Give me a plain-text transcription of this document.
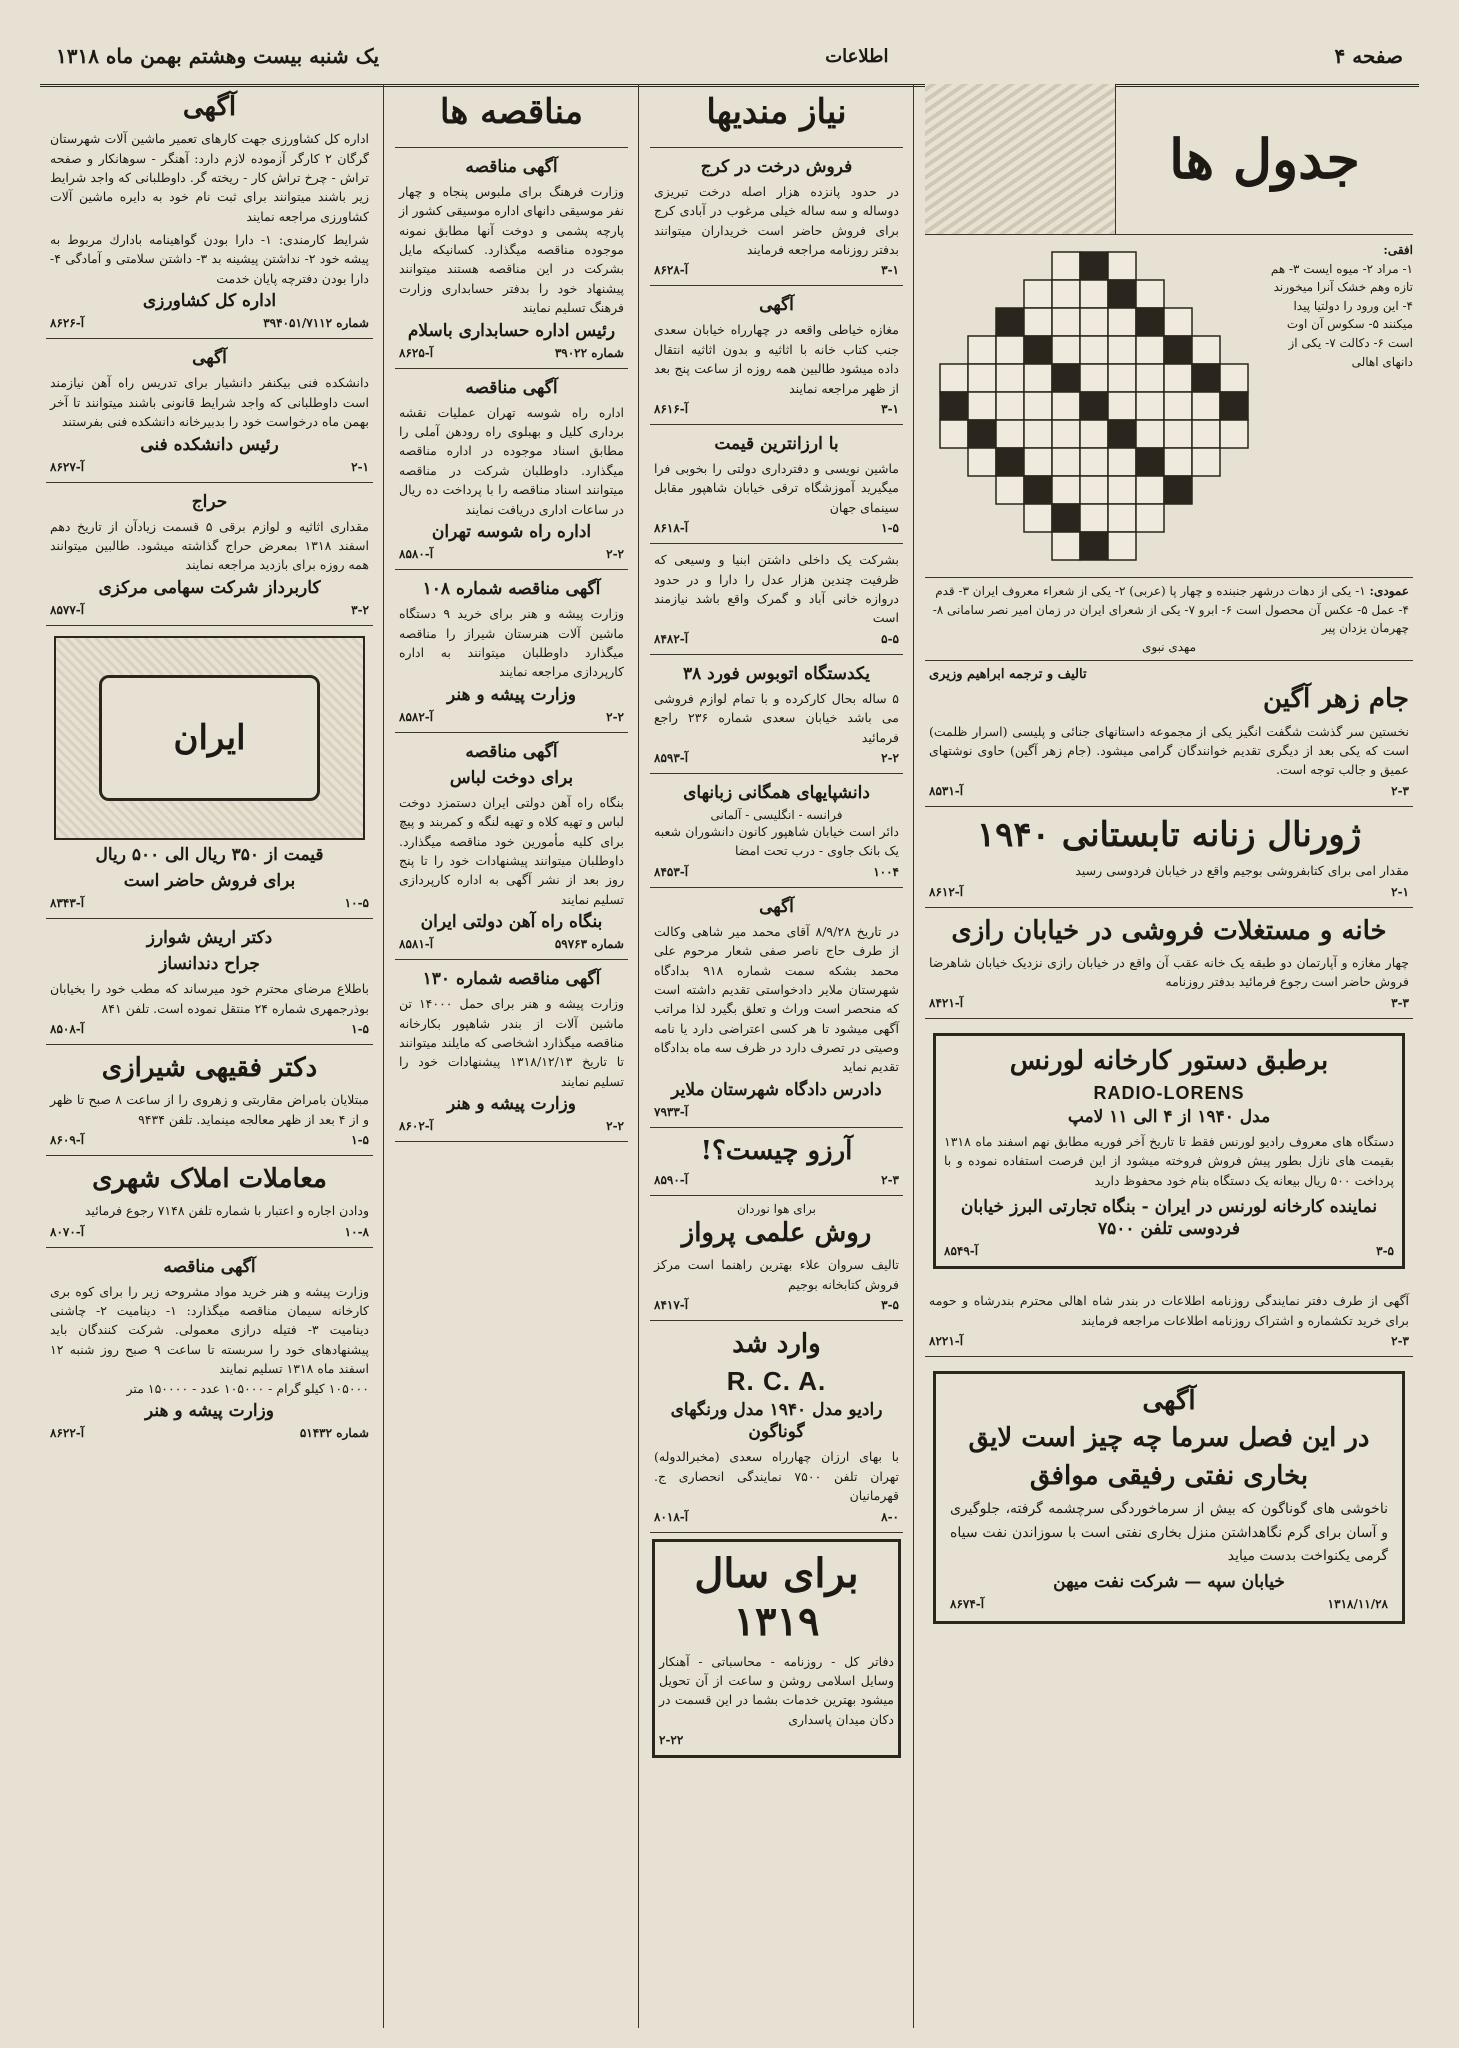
صفحه ۴
اطلاعات
یک شنبه بیست وهشتم بهمن ماه ۱۳۱۸
جدول ها
افقی:
۱- مراد ۲- میوه ایست ۳- هم تازه وهم خشک آنرا میخورند ۴- این ورود را دولتیا پیدا میکنند ۵- سکوس آن اوت است ۶- دکالت ۷- یکی از دانهای اهالی
عمودی: ۱- یکی از دهات درشهر جنبنده و چهار پا (عربی) ۲- یکی از شعراء معروف ایران ۳- قدم ۴- عمل ۵- عکس آن محصول است ۶- ابرو ۷- یکی از شعرای ایران در زمان امیر نصر سامانی ۸- چهرمان یزدان پیر
مهدی نبوی
تالیف و ترجمه ابراهیم وزیری
جام زهر آگین

نخستین سر گذشت شگفت انگیز یکی از مجموعه داستانهای جنائی و پلیسی (اسرار ظلمت) است که یکی بعد از دیگری تقدیم خوانندگان گرامی میشود. (جام زهر آگین) حاوی نوشتهای عمیق و جالب توجه است.

آ-۸۵۳۱	۲-۳
ژورنال زنانه تابستانی ۱۹۴۰

مقدار امی برای کتابفروشی بوجیم واقع در خیابان فردوسی رسید

آ-۸۶۱۲	۲-۱
خانه و مستغلات فروشی در خیابان رازی

چهار مغازه و آپارتمان دو طبقه یک خانه عقب آن واقع در خیابان رازی نزدیک خیابان شاهرضا فروش حاضر است رجوع فرمائید بدفتر روزنامه

آ-۸۴۲۱	۳-۳
برطبق دستور کارخانه لورنس
RADIO-LORENS
مدل ۱۹۴۰ از ۴ الی ۱۱ لامپ

دستگاه های معروف رادیو لورنس فقط تا تاریخ آخر فوریه مطابق نهم اسفند ماه ۱۳۱۸ بقیمت های نازل بطور پیش فروش فروخته میشود از این فرصت استفاده نموده و با پرداخت ۵۰۰ ریال بیعانه یک دستگاه بنام خود محفوظ دارید

نماینده کارخانه لورنس در ایران - بنگاه تجارتی البرز خیابان فردوسی تلفن ۷۵۰۰
آ-۸۵۴۹	۳-۵

آگهی از طرف دفتر نمایندگی روزنامه اطلاعات در بندر شاه اهالی محترم بندرشاه و حومه برای خرید تکشماره و اشتراک روزنامه اطلاعات مراجعه فرمایند

آ-۸۲۲۱	۲-۳
آگهی
در این فصل سرما چه چیز است لایق
بخاری نفتی رفیقی موافق

ناخوشی های گوناگون که بیش از سرماخوردگی سرچشمه گرفته، جلوگیری و آسان برای گرم نگاهداشتن منزل بخاری نفتی است با سوزاندن نفت سیاه گرمی یکنواخت بدست میاید

خیابان سپه — شرکت نفت میهن
آ-۸۶۷۴	۱۳۱۸/۱۱/۲۸
نیاز مندیها
فروش درخت در کرج

در حدود پانزده هزار اصله درخت تبریزی دوساله و سه ساله خیلی مرغوب در آبادی کرج برای فروش حاضر است خریداران میتوانند بدفتر روزنامه مراجعه فرمایند

آ-۸۶۲۸	۳-۱
آگهی

مغازه خیاطی واقعه در چهارراه خیابان سعدی جنب کتاب خانه با اثاثیه و بدون اثاثیه انتقال داده میشود طالبین همه روزه از ساعت پنج بعد از ظهر مراجعه نمایند

آ-۸۶۱۶	۳-۱
با ارزانترین قیمت

ماشین نویسی و دفترداری دولتی را بخوبی فرا میگیرید آموزشگاه ترقی خیابان شاهپور مقابل سینمای جهان

آ-۸۶۱۸	۱-۵

بشرکت یک داخلی داشتن ابنیا و وسیعی که ظرفیت چندین هزار عدل را دارا و در حدود دروازه خانی آباد و گمرک واقع باشد نیازمند است

آ-۸۴۸۲	۵-۵
یکدستگاه اتوبوس فورد ۳۸

۵ ساله بحال کارکرده و با تمام لوازم فروشی می باشد خیابان سعدی شماره ۲۳۶ راجع فرمائید

آ-۸۵۹۳	۲-۲
دانشپایهای همگانی زبانهای
فرانسه - انگلیسی - آلمانی

دائر است خیابان شاهپور کانون دانشوران شعبه یک بانک جاوی - درب تحت امضا

آ-۸۴۵۳	۱۰۰۴
آگهی

در تاریخ ۸/۹/۲۸ آقای محمد میر شاهی وکالت از طرف حاج ناصر صفی شعار مرحوم علی محمد بشکه سمت شماره ۹۱۸ بدادگاه شهرستان ملایر دادخواستی تقدیم داشته است که منحصر است وراث و تعلق بگیرد لذا مراتب آگهی میشود تا هر کسی اعتراضی دارد یا نامه وصیتی در تصرف دارد در ظرف سه ماه بدادگاه تقدیم نماید

دادرس دادگاه شهرستان ملایر
آ-۷۹۳۳
آرزو چیست؟!
آ-۸۵۹۰	۲-۳
برای هوا نوردان
روش علمی پرواز

تالیف سروان علاء بهترین راهنما است مرکز فروش کتابخانه بوجیم

آ-۸۴۱۷	۳-۵
وارد شد
R. C. A.
رادیو مدل ۱۹۴۰ مدل ورنگهای گوناگون

با بهای ارزان چهارراه سعدی (مخبرالدوله) تهران تلفن ۷۵۰۰ نمایندگی انحصاری ج. قهرمانیان

آ-۸۰۱۸	۸-۰
برای سال ۱۳۱۹

دفاتر کل - روزنامه - محاسباتی - آهنکار وسایل اسلامی روشن و ساعت از آن تحویل میشود بهترین خدمات بشما در این قسمت در دکان میدان پاسداری

۲-۲۲
مناقصه ها
آگهی مناقصه

وزارت فرهنگ برای ملبوس پنجاه و چهار نفر موسیقی دانهای اداره موسیقی کشور از پارچه پشمی و دوخت آنها مطابق نمونه موجوده مناقصه میگذارد. کسانیکه مایل بشرکت در این مناقصه هستند میتوانند پیشنهاد خود را بدفتر حسابداری وزارت فرهنگ تسلیم نمایند

رئیس اداره حسابداری باسلام
آ-۸۶۲۵	شماره ۳۹۰۲۲
آگهی مناقصه

اداره راه شوسه تهران عملیات نقشه برداری کلیل و بهبلوی راه رودهن آملی را مطابق اسناد موجوده در اداره مناقصه میگذارد. داوطلبان شرکت در مناقصه میتوانند اسناد مناقصه را با پرداخت ده ریال در ساعات اداری دریافت نمایند

اداره راه شوسه تهران
آ-۸۵۸۰	۲-۲
آگهی مناقصه شماره ۱۰۸

وزارت پیشه و هنر برای خرید ۹ دستگاه ماشین آلات هنرستان شیراز را مناقصه میگذارد داوطلبان میتوانند به اداره کارپردازی مراجعه نمایند

وزارت پیشه و هنر
آ-۸۵۸۲	۲-۲
آگهی مناقصه
برای دوخت لباس

بنگاه راه آهن دولتی ایران دستمزد دوخت لباس و تهیه کلاه و تهیه لنگه و کمربند و پیچ برای کلیه مأمورین خود مناقصه میگذارد. داوطلبان میتوانند پیشنهادات خود را تا پنج روز بعد از نشر آگهی به اداره کارپردازی تسلیم نمایند

بنگاه راه آهن دولتی ایران
آ-۸۵۸۱	شماره ۵۹۷۶۳
آگهی مناقصه شماره ۱۳۰

وزارت پیشه و هنر برای حمل ۱۴۰۰۰ تن ماشین آلات از بندر شاهپور بکارخانه مناقصه میگذارد اشخاصی که مایلند میتوانند تا تاریخ ۱۳۱۸/۱۲/۱۳ پیشنهادات خود را تسلیم نمایند

وزارت پیشه و هنر
آ-۸۶۰۲	۲-۲
آگهی

اداره کل کشاورزی جهت کارهای تعمیر ماشین آلات شهرستان گرگان ۲ کارگر آزموده لازم دارد: آهنگر - سوهانکار و صفحه تراش - چرخ تراش کار - ریخته گر. داوطلبانی که واجد شرایط زیر باشند میتوانند برای ثبت نام خود به دایره ماشین آلات کشاورزی مراجعه نمایند

شرایط کارمندی: ۱- دارا بودن گواهینامه بادارك مربوط به پیشه خود ۲- نداشتن پیشینه بد ۳- داشتن سلامتی و آمادگی ۴- دارا بودن دفترچه پایان خدمت

اداره کل کشاورزی
آ-۸۶۲۶	شماره ۳۹۴۰۵۱/۷۱۱۲
آگهی

دانشکده فنی بیکنفر دانشیار برای تدریس راه آهن نیازمند است داوطلبانی که واجد شرایط قانونی باشند میتوانند تا آخر بهمن ماه درخواست خود را بدبیرخانه دانشکده فنی بفرستند

رئیس دانشکده فنی
آ-۸۶۲۷	۲-۱
حراج

مقداری اثاثیه و لوازم برقی ۵ قسمت زیادآن از تاریخ دهم اسفند ۱۳۱۸ بمعرض حراج گذاشته میشود. طالبین میتوانند همه روزه برای بازدید مراجعه نمایند

کاربرداز شرکت سهامی مرکزی
آ-۸۵۷۷	۳-۲
ایران
قیمت از ۳۵۰ ریال الی ۵۰۰ ریال
برای فروش حاضر است
آ-۸۳۴۳	۱۰-۵
دکتر اریش شوارز
جراح دندانساز

باطلاع مرضای محترم خود میرساند که مطب خود را بخیابان بوذرجمهری شماره ۲۴ منتقل نموده است. تلفن ۸۴۱

آ-۸۵۰۸	۱-۵
دکتر فقیهی شیرازی

مبتلایان بامراض مقاربتی و زهروی را از ساعت ۸ صبح تا ظهر و از ۴ بعد از ظهر معالجه مینماید. تلفن ۹۴۳۴

آ-۸۶۰۹	۱-۵
معاملات املاک شهری

ودادن اجاره و اعتبار با شماره تلفن ۷۱۴۸ رجوع فرمائید

آ-۸۰۷۰	۱۰-۸
آگهی مناقصه

وزارت پیشه و هنر خرید مواد مشروحه زیر را برای کوه بری کارخانه سیمان مناقصه میگذارد: ۱- دینامیت ۲- چاشنی دینامیت ۳- فتیله درازی معمولی. شرکت کنندگان باید پیشنهادهای خود را سربسته تا ساعت ۹ صبح روز شنبه ۱۲ اسفند ماه ۱۳۱۸ تسلیم نمایند

۱۰۵۰۰۰ کیلو گرام - ۱۰۵۰۰۰ عدد - ۱۵۰۰۰۰ متر

وزارت پیشه و هنر
آ-۸۶۲۲	شماره ۵۱۴۳۲
